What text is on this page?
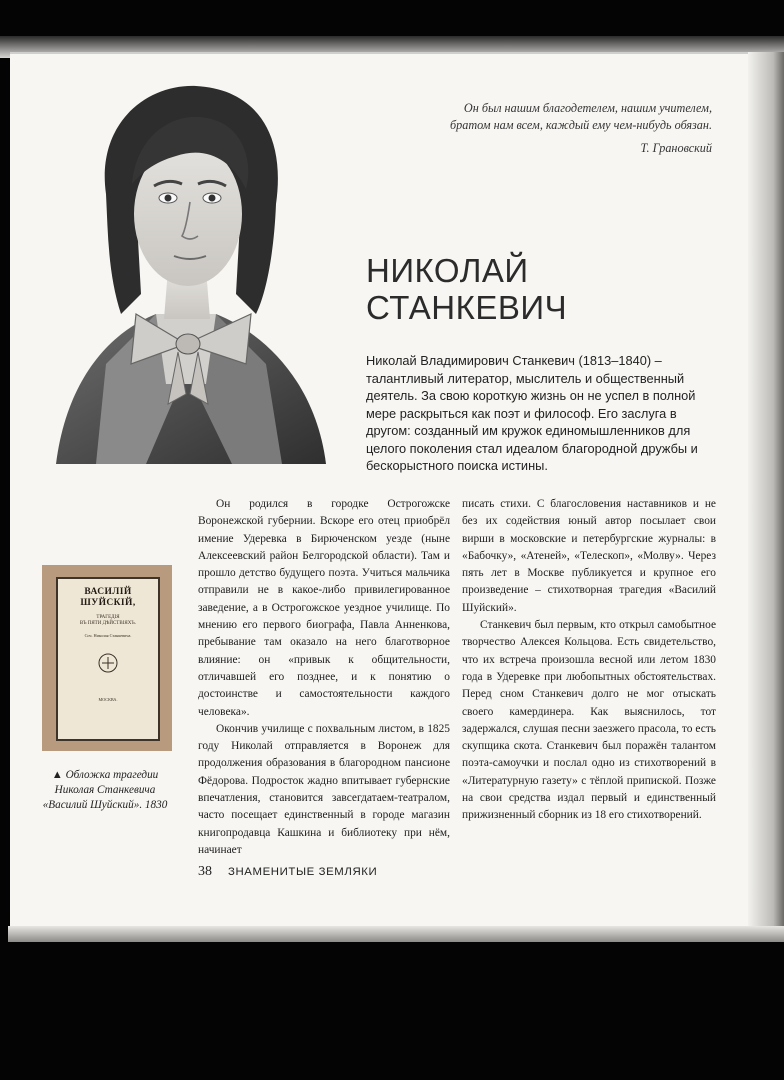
Он был нашим благодетелем, нашим учителем,
братом нам всем, каждый ему чем-нибудь обязан.
Т. Грановский
НИКОЛАЙ
СТАНКЕВИЧ
Николай Владимирович Станкевич (1813–1840) – талантливый литератор, мыслитель и общественный деятель. За свою короткую жизнь он не успел в полной мере раскрыться как поэт и философ. Его заслуга в другом: созданный им кружок единомышленников для целого поколения стал идеалом благородной дружбы и бескорыстного поиска истины.

Он родился в городке Острогожске Воронежской губернии. Вскоре его отец приобрёл имение Удеревка в Бирюченском уезде (ныне Алексеевский район Белгородской области). Там и прошло детство будущего поэта. Учиться мальчика отправили не в какое-либо привилегированное заведение, а в Острогожское уездное училище. По мнению его первого биографа, Павла Анненкова, пребывание там оказало на него благотворное влияние: он «привык к общительности, отличавшей его позднее, и к понятию о достоинстве и самостоятельности каждого человека».

Окончив училище с похвальным листом, в 1825 году Николай отправляется в Воронеж для продолжения образования в благородном пансионе Фёдорова. Подросток жадно впитывает губернские впечатления, становится завсегдатаем-театралом, часто посещает единственный в городе магазин книгопродавца Кашкина и библиотеку при нём, начинает

писать стихи. С благословения наставников и не без их содействия юный автор посылает свои вирши в московские и петербургские журналы: в «Бабочку», «Атеней», «Телескоп», «Молву». Через пять лет в Москве публикуется и крупное его произведение – стихотворная трагедия «Василий Шуйский».

Станкевич был первым, кто открыл самобытное творчество Алексея Кольцова. Есть свидетельство, что их встреча произошла весной или летом 1830 года в Удеревке при любопытных обстоятельствах. Перед сном Станкевич долго не мог отыскать своего камердинера. Как выяснилось, тот задержался, слушая песни заезжего прасола, то есть скупщика скота. Станкевич был поражён талантом поэта-самоучки и послал одно из стихотворений в «Литературную газету» с тёплой припиской. Позже на свои средства издал первый и единственный прижизненный сборник из 18 его стихотворений.

ВАСИЛІЙ
ШУЙСКІЙ,
ТРАГЕДІЯ
ВЪ ПЯТИ ДѢЙСТВІЯХЪ.
Соч. Николая Станкевича.
МОСКВА.
▲ Обложка трагедии
Николая Станкевича
«Василий Шуйский». 1830
38 ЗНАМЕНИТЫЕ ЗЕМЛЯКИ
